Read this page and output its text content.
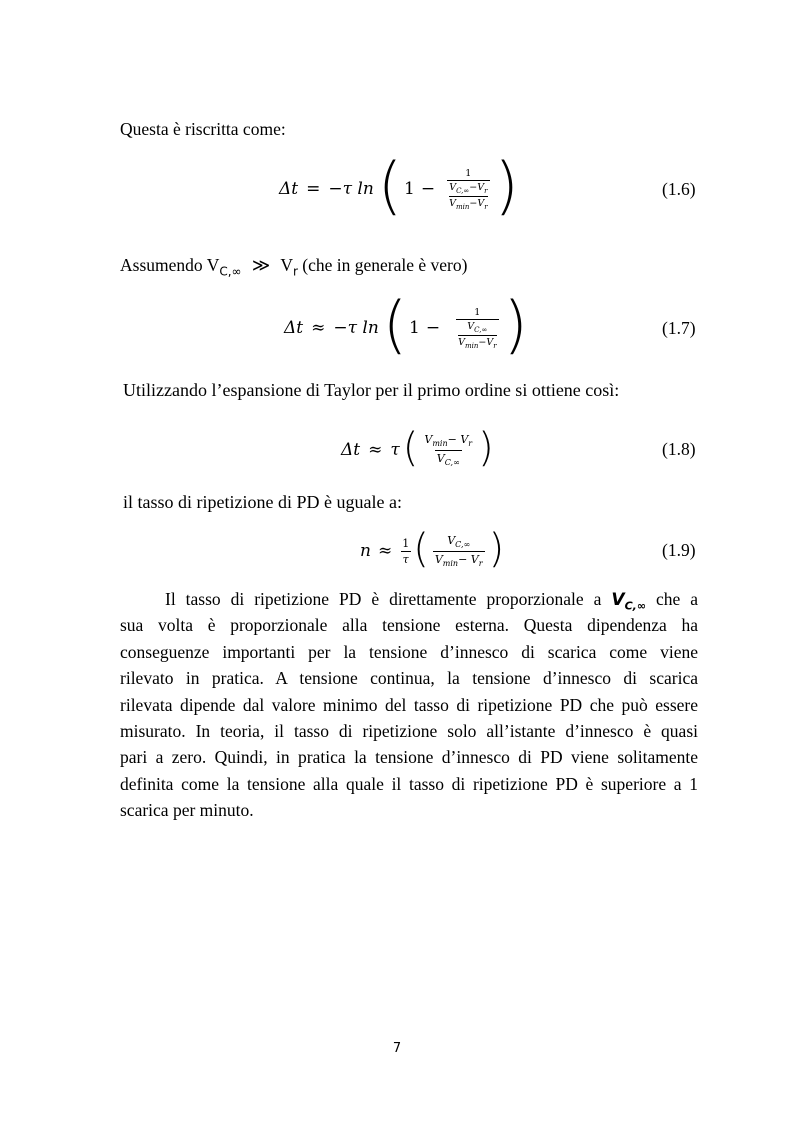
Questa è riscritta come:
Δt = −τ ln ( 1 − 1
$V_{C,\infty}-V_r$
$V_{min}-V_r$ )	(1.6)
Assumendo $V_{C,\infty}$ ≫ $V_r$ (che in generale è vero)
Δt ≈ −τ ln ( 1 − 1
$V_{C,\infty}$
$V_{min}-V_r$ )	(1.7)
Utilizzando l’espansione di Taylor per il primo ordine si ottiene così:
Δt ≈ τ ( $\frac{V_{min}- V_r}{V_{C,\infty}}$ )	(1.8)
il tasso di ripetizione di PD è uguale a:
$n \approx \frac{1}{\tau}$ ( $\frac{V_{C,\infty}}{V_{min}- V_r}$ )	(1.9)
Il tasso di ripetizione PD è direttamente proporzionale a $V_{C,\infty}$ che a
sua volta è proporzionale alla tensione esterna. Questa dipendenza ha
conseguenze importanti per la tensione d’innesco di scarica come viene
rilevato in pratica. A tensione continua, la tensione d’innesco di scarica
rilevata dipende dal valore minimo del tasso di ripetizione PD che può essere
misurato. In teoria, il tasso di ripetizione solo all’istante d’innesco è quasi
pari a zero. Quindi, in pratica la tensione d’innesco di PD viene solitamente
definita come la tensione alla quale il tasso di ripetizione PD è superiore a 1
scarica per minuto.
7
